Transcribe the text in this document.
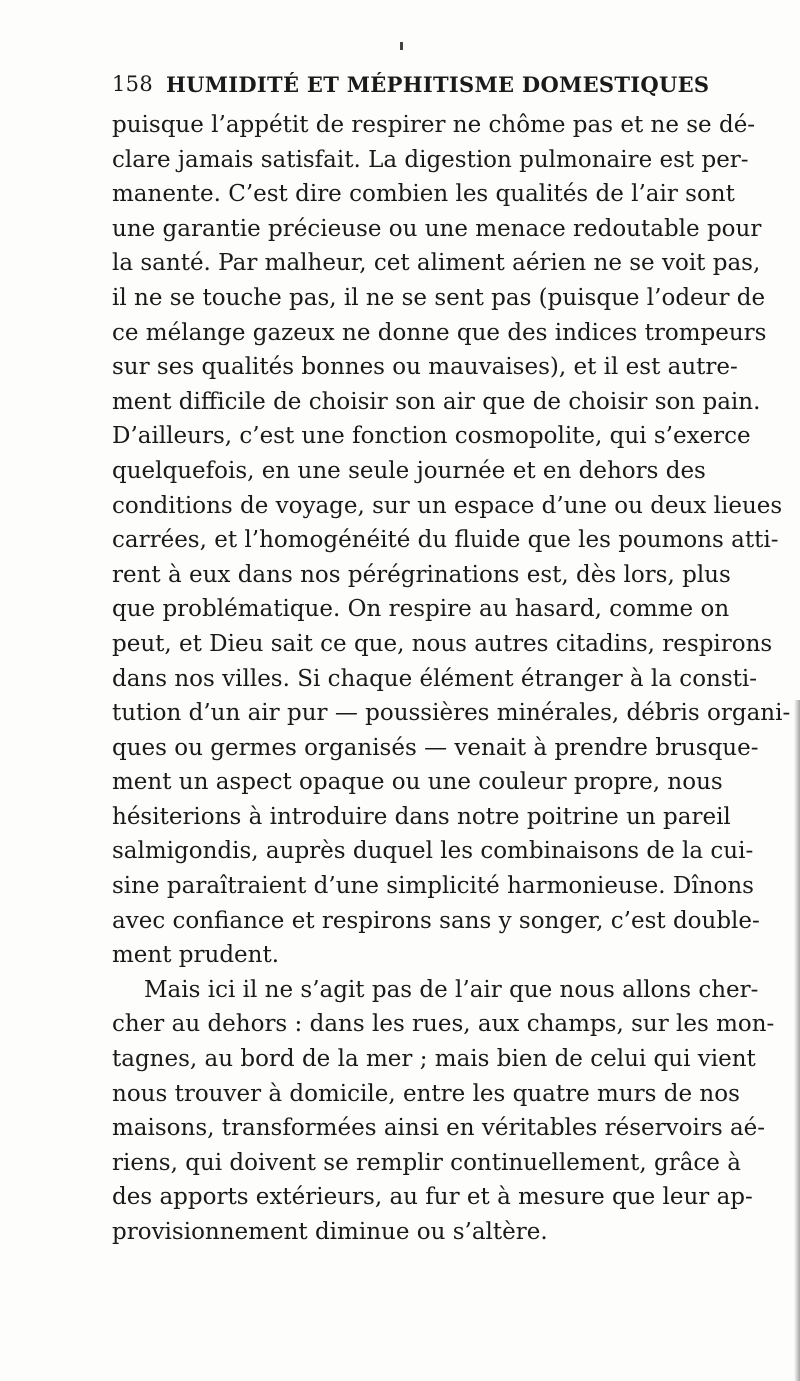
158 HUMIDITÉ ET MÉPHITISME DOMESTIQUES
puisque l’appétit de respirer ne chôme pas et ne se dé-
clare jamais satisfait. La digestion pulmonaire est per-
manente. C’est dire combien les qualités de l’air sont
une garantie précieuse ou une menace redoutable pour
la santé. Par malheur, cet aliment aérien ne se voit pas,
il ne se touche pas, il ne se sent pas (puisque l’odeur de
ce mélange gazeux ne donne que des indices trompeurs
sur ses qualités bonnes ou mauvaises), et il est autre-
ment difficile de choisir son air que de choisir son pain.
D’ailleurs, c’est une fonction cosmopolite, qui s’exerce
quelquefois, en une seule journée et en dehors des
conditions de voyage, sur un espace d’une ou deux lieues
carrées, et l’homogénéité du fluide que les poumons atti-
rent à eux dans nos pérégrinations est, dès lors, plus
que problématique. On respire au hasard, comme on
peut, et Dieu sait ce que, nous autres citadins, respirons
dans nos villes. Si chaque élément étranger à la consti-
tution d’un air pur — poussières minérales, débris organi-
ques ou germes organisés — venait à prendre brusque-
ment un aspect opaque ou une couleur propre, nous
hésiterions à introduire dans notre poitrine un pareil
salmigondis, auprès duquel les combinaisons de la cui-
sine paraîtraient d’une simplicité harmonieuse. Dînons
avec confiance et respirons sans y songer, c’est double-
ment prudent.
Mais ici il ne s’agit pas de l’air que nous allons cher-
cher au dehors : dans les rues, aux champs, sur les mon-
tagnes, au bord de la mer ; mais bien de celui qui vient
nous trouver à domicile, entre les quatre murs de nos
maisons, transformées ainsi en véritables réservoirs aé-
riens, qui doivent se remplir continuellement, grâce à
des apports extérieurs, au fur et à mesure que leur ap-
provisionnement diminue ou s’altère.
